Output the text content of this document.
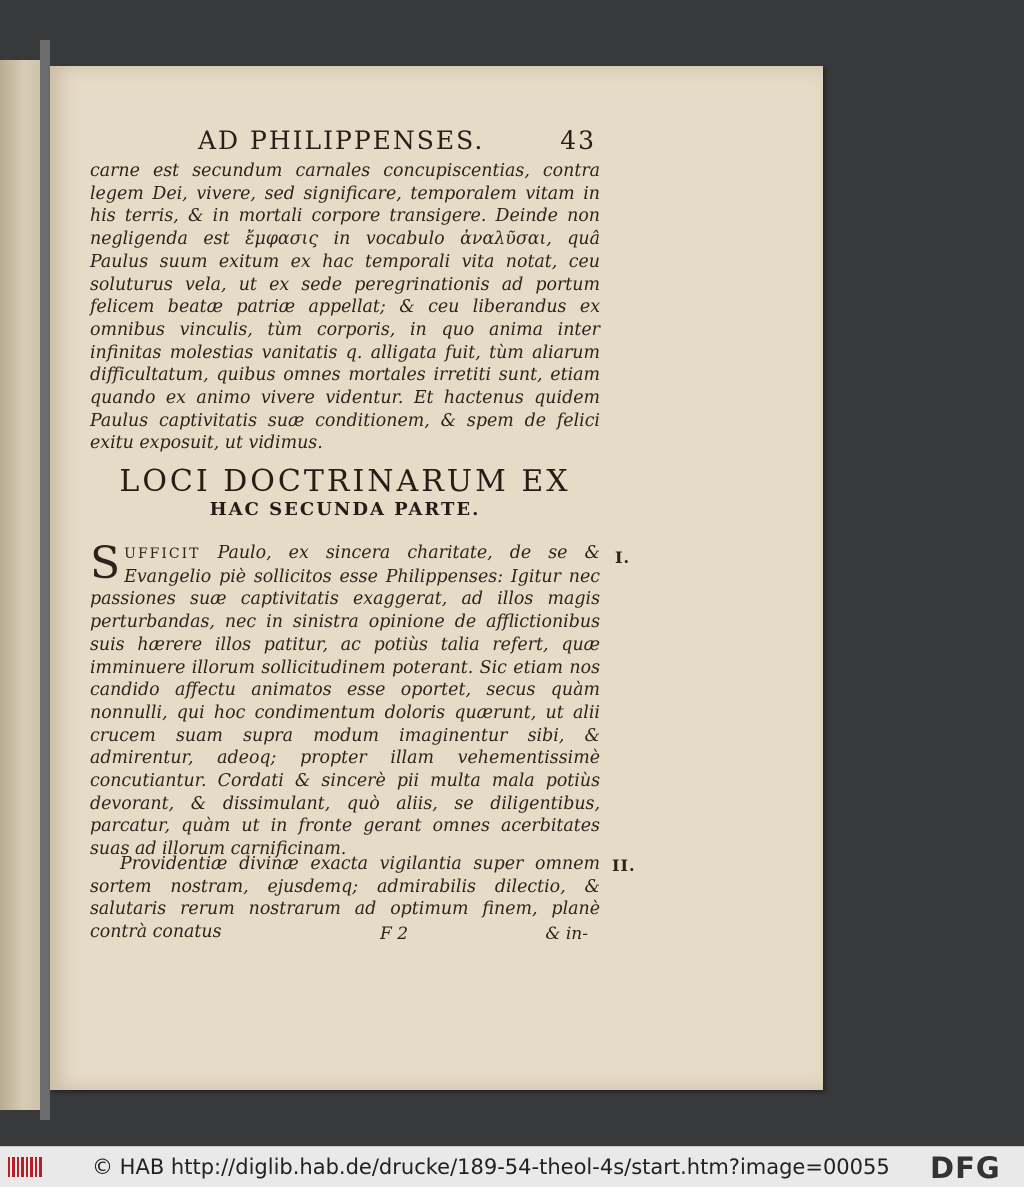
AD PHILIPPENSES.	43

carne est secundum carnales concupiscentias, contra legem Dei, vivere, sed significare, temporalem vitam in his terris, & in mortali corpore transigere. Deinde non negligenda est ἔμφασις in vocabulo ἀναλῦσαι, quâ Paulus suum exitum ex hac temporali vita notat, ceu soluturus vela, ut ex sede peregrinationis ad portum felicem beatæ patriæ appellat; & ceu liberandus ex omnibus vinculis, tùm corporis, in quo anima inter infinitas molestias vanitatis q. alligata fuit, tùm aliarum difficultatum, quibus omnes mortales irretiti sunt, etiam quando ex animo vivere videntur. Et hactenus quidem Paulus captivitatis suæ conditionem, & spem de felici exitu exposuit, ut vidimus.

LOCI DOCTRINARUM EX
HAC SECUNDA PARTE.

SUFFICIT Paulo, ex sincera charitate, de se & Evangelio piè sollicitos esse Philippenses: Igitur nec passiones suæ captivitatis exaggerat, ad illos magis perturbandas, nec in sinistra opinione de afflictionibus suis hærere illos patitur, ac potiùs talia refert, quæ imminuere illorum sollicitudinem poterant. Sic etiam nos candido affectu animatos esse oportet, secus quàm nonnulli, qui hoc condimentum doloris quærunt, ut alii crucem suam supra modum imaginentur sibi, & admirentur, adeoq; propter illam vehementissimè concutiantur. Cordati & sincerè pii multa mala potiùs devorant, & dissimulant, quò aliis, se diligentibus, parcatur, quàm ut in fronte gerant omnes acerbitates suas ad illorum carnificinam.

I.

Providentiæ divinæ exacta vigilantia super omnem sortem nostram, ejusdemq; admirabilis dilectio, & salutaris rerum nostrarum ad optimum finem, planè contrà conatus

II.
F 2	& in-
© HAB http://diglib.hab.de/drucke/189-54-theol-4s/start.htm?image=00055 DFG
